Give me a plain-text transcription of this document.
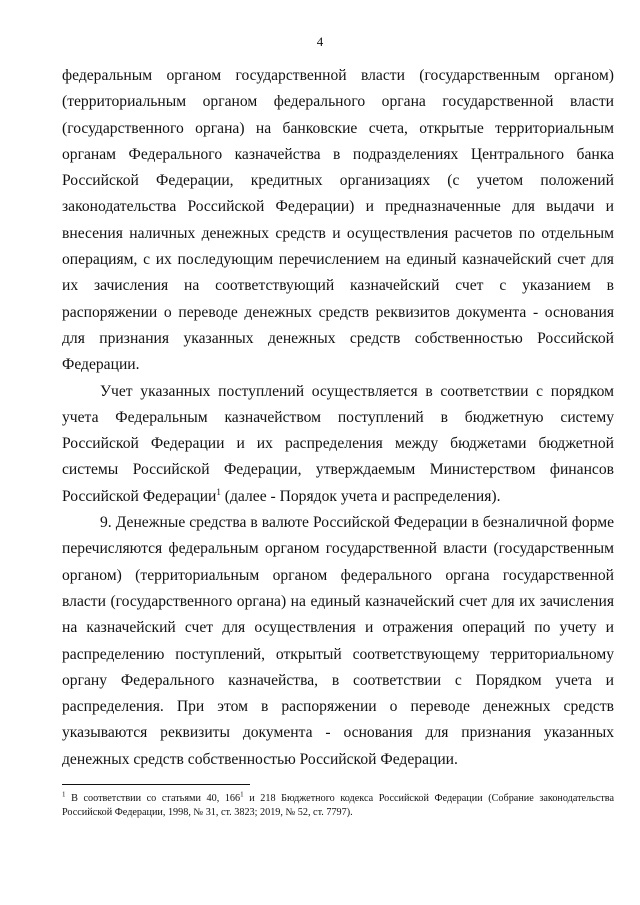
4

федеральным органом государственной власти (государственным органом) (территориальным органом федерального органа государственной власти (государственного органа) на банковские счета, открытые территориальным органам Федерального казначейства в подразделениях Центрального банка Российской Федерации, кредитных организациях (с учетом положений законодательства Российской Федерации) и предназначенные для выдачи и внесения наличных денежных средств и осуществления расчетов по отдельным операциям, с их последующим перечислением на единый казначейский счет для их зачисления на соответствующий казначейский счет с указанием в распоряжении о переводе денежных средств реквизитов документа - основания для признания указанных денежных средств собственностью Российской Федерации.

Учет указанных поступлений осуществляется в соответствии с порядком учета Федеральным казначейством поступлений в бюджетную систему Российской Федерации и их распределения между бюджетами бюджетной системы Российской Федерации, утверждаемым Министерством финансов Российской Федерации$^1$ (далее - Порядок учета и распределения).

9. Денежные средства в валюте Российской Федерации в безналичной форме перечисляются федеральным органом государственной власти (государственным органом) (территориальным органом федерального органа государственной власти (государственного органа) на единый казначейский счет для их зачисления на казначейский счет для осуществления и отражения операций по учету и распределению поступлений, открытый соответствующему территориальному органу Федерального казначейства, в соответствии с Порядком учета и распределения. При этом в распоряжении о переводе денежных средств указываются реквизиты документа - основания для признания указанных денежных средств собственностью Российской Федерации.

$^1$ В соответствии со статьями 40, $166^1$ и 218 Бюджетного кодекса Российской Федерации (Собрание законодательства Российской Федерации, 1998, № 31, ст. 3823; 2019, № 52, ст. 7797).
